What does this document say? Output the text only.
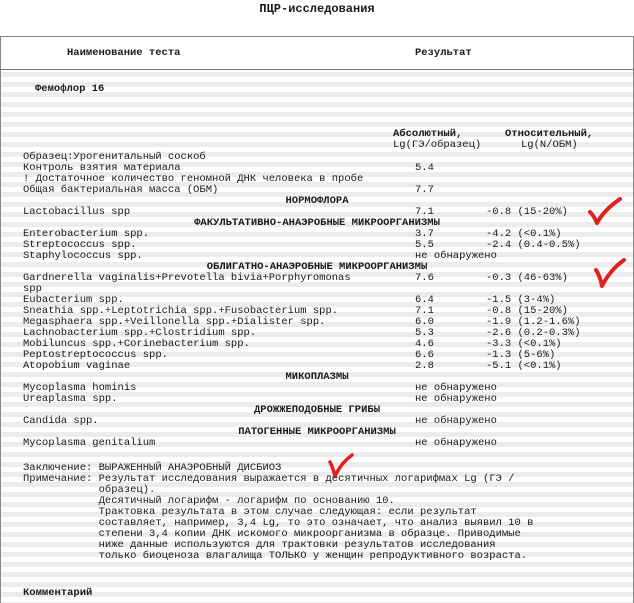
ПЦР-исследования
Наименование теста	Результат
Фемофлор 16
Абсолютный,	Относительный,
Lg(ГЭ/образец)	Lg(N/ОБМ)
Образец:Урогенитальный соскоб
Контроль взятия материала	5.4
! Достаточное количество геномной ДНК человека в пробе
Общая бактериальная масса (ОБМ)	7.7
НОРМОФЛОРА
Lactobacillus spp	7.1	-0.8 (15-20%)
ФАКУЛЬТАТИВНО-АНАЭРОБНЫЕ МИКРООРГАНИЗМЫ
Enterobacterium spp.	3.7	-4.2 (<0.1%)
Streptococcus spp.	5.5	-2.4 (0.4-0.5%)
Staphylococcus spp.	не обнаружено
ОБЛИГАТНО-АНАЭРОБНЫЕ МИКРООРГАНИЗМЫ
Gardnerella vaginalis+Prevotella bivia+Porphyromonas	7.6	-0.3 (46-63%)
spp
Eubacterium spp.	6.4	-1.5 (3-4%)
Sneathia spp.+Leptotrichia spp.+Fusobacterium spp.	7.1	-0.8 (15-20%)
Megasphaera spp.+Veillonella spp.+Dialister spp.	6.0	-1.9 (1.2-1.6%)
Lachnobacterium spp.+Clostridium spp.	5.3	-2.6 (0.2-0.3%)
Mobiluncus spp.+Corinebacterium spp.	4.6	-3.3 (<0.1%)
Peptostreptococcus spp.	6.6	-1.3 (5-6%)
Atopobium vaginae	2.8	-5.1 (<0.1%)
МИКОПЛАЗМЫ
Mycoplasma hominis	не обнаружено
Ureaplasma spp.	не обнаружено
ДРОЖЖЕПОДОБНЫЕ ГРИБЫ
Candida spp.	не обнаружено
ПАТОГЕННЫЕ МИКРООРГАНИЗМЫ
Mycoplasma genitalium	не обнаружено
Заключение: ВЫРАЖЕННЫЙ АНАЭРОБНЫЙ ДИСБИОЗ
Примечание: Результат исследования выражается в десятичных логарифмах Lg (ГЭ /
образец).
Десятичный логарифм - логарифм по основанию 10.
Трактовка результата в этом случае следующая: если результат
составляет, например, 3,4 Lg, то это означает, что анализ выявил 10 в
степени 3,4 копии ДНК искомого микроорганизма в образце. Приводимые
ниже данные используются для трактовки результатов исследования
только биоценоза влагалища ТОЛЬКО у женщин репродуктивного возраста.
Комментарий
